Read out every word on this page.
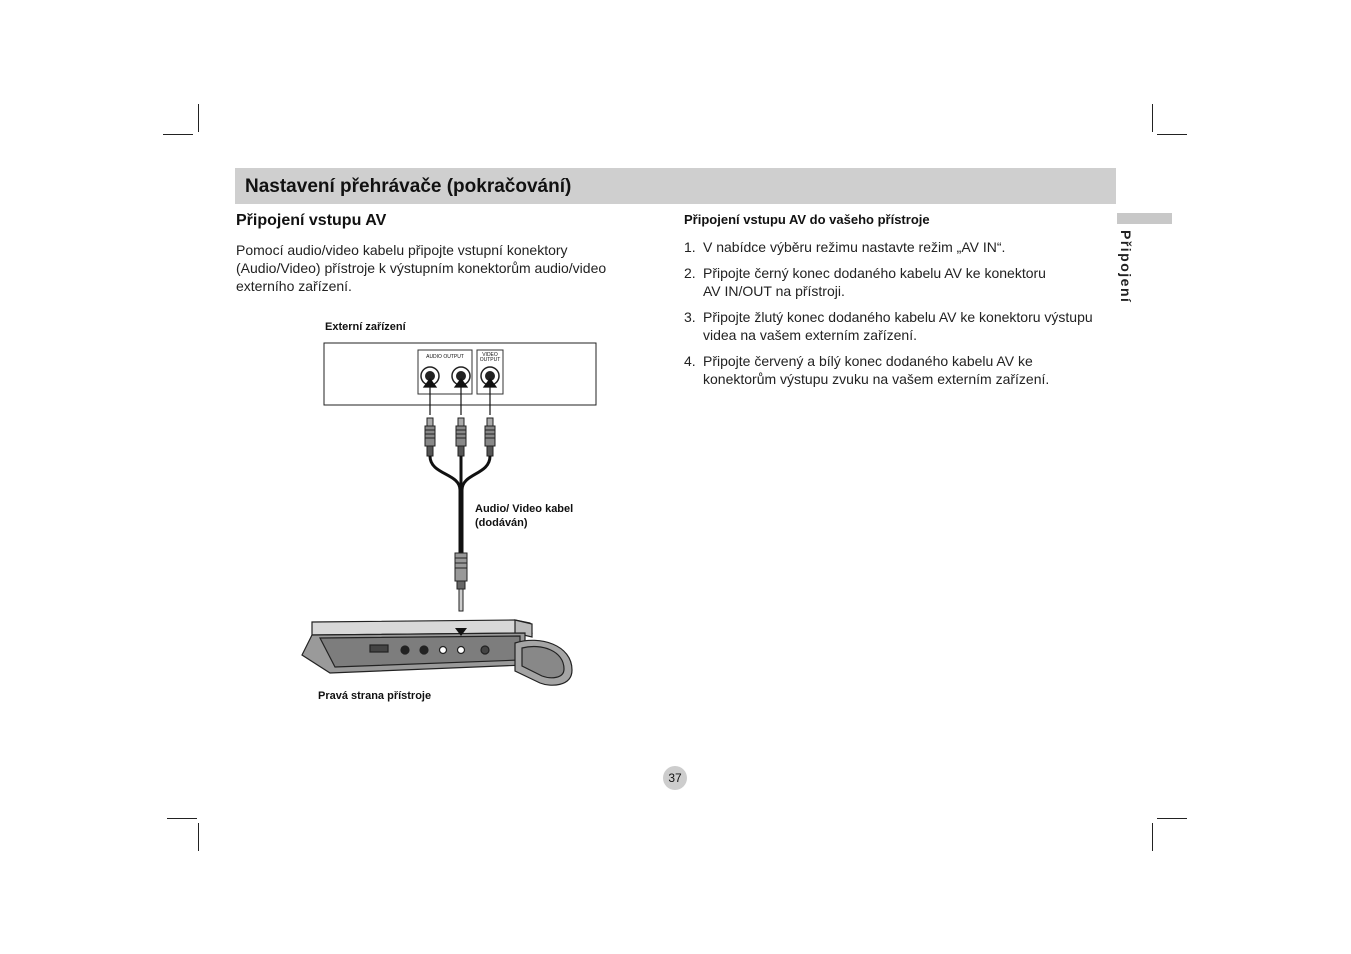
Nastavení přehrávače (pokračování)
Připojení
Připojení vstupu AV

Pomocí audio/video kabelu připojte vstupní konektory (Audio/Video) přístroje k výstupním konektorům audio/video externího zařízení.

Externí zařízení

AUDIO OUTPUT	VIDEO
OUTPUT

Audio/ Video kabel
(dodáván)

Pravá strana přístroje

Připojení vstupu AV do vašeho přístroje
1. V nabídce výběru režimu nastavte režim „AV IN“.
2. Připojte černý konec dodaného kabelu AV ke konektoru
AV IN/OUT na přístroji.
3. Připojte žlutý konec dodaného kabelu AV ke konektoru výstupu
videa na vašem externím zařízení.
4. Připojte červený a bílý konec dodaného kabelu AV ke
konektorům výstupu zvuku na vašem externím zařízení.
37
